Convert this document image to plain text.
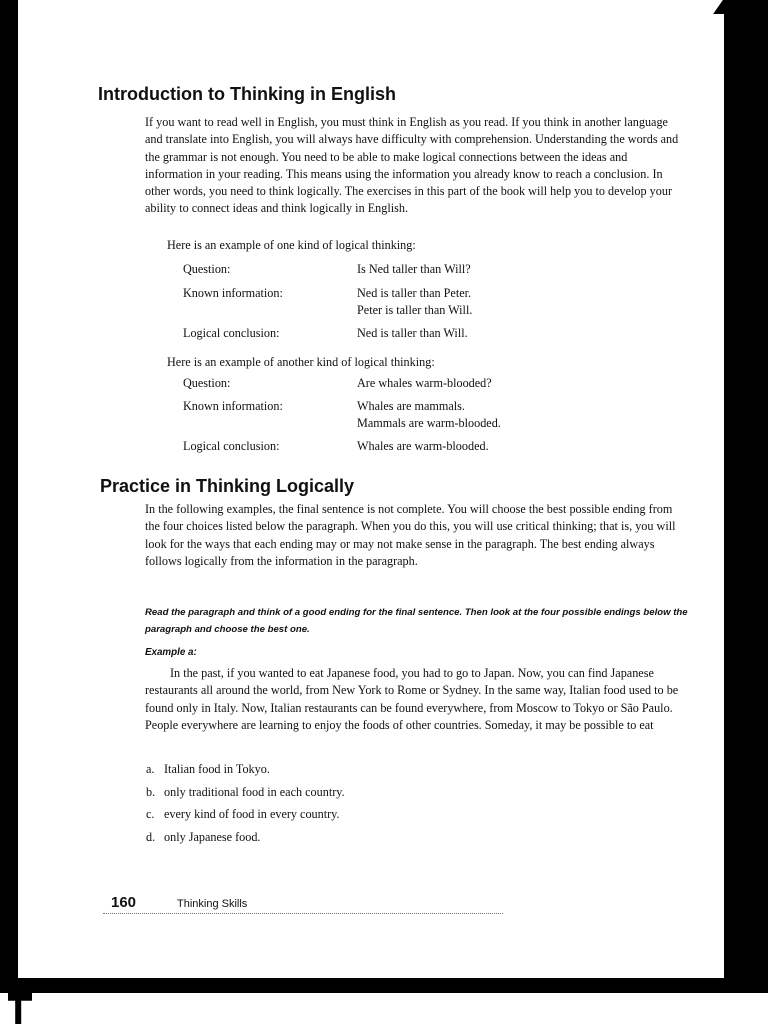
Introduction to Thinking in English

If you want to read well in English, you must think in English as you read. If you think in another language and translate into English, you will always have difficulty with comprehension. Understanding the words and the grammar is not enough. You need to be able to make logical connections between the ideas and information in your reading. This means using the information you already know to reach a conclusion. In other words, you need to think logically. The exercises in this part of the book will help you to develop your ability to connect ideas and think logically in English.

Here is an example of one kind of logical thinking:

Question:	Is Ned taller than Will?
Known information:	Ned is taller than Peter.
Peter is taller than Will.
Logical conclusion:	Ned is taller than Will.

Here is an example of another kind of logical thinking:

Question:	Are whales warm-blooded?
Known information:	Whales are mammals.
Mammals are warm-blooded.
Logical conclusion:	Whales are warm-blooded.
Practice in Thinking Logically

In the following examples, the final sentence is not complete. You will choose the best possible ending from the four choices listed below the paragraph. When you do this, you will use critical thinking; that is, you will look for the ways that each ending may or may not make sense in the paragraph. The best ending always follows logically from the information in the paragraph.

Read the paragraph and think of a good ending for the final sentence. Then look at the four possible endings below the paragraph and choose the best one.

Example a:

In the past, if you wanted to eat Japanese food, you had to go to Japan. Now, you can find Japanese restaurants all around the world, from New York to Rome or Sydney. In the same way, Italian food used to be found only in Italy. Now, Italian restaurants can be found everywhere, from Moscow to Tokyo or São Paulo. People everywhere are learning to enjoy the foods of other countries. Someday, it may be possible to eat

a. Italian food in Tokyo.
b. only traditional food in each country.
c. every kind of food in every country.
d. only Japanese food.
160	Thinking Skills
